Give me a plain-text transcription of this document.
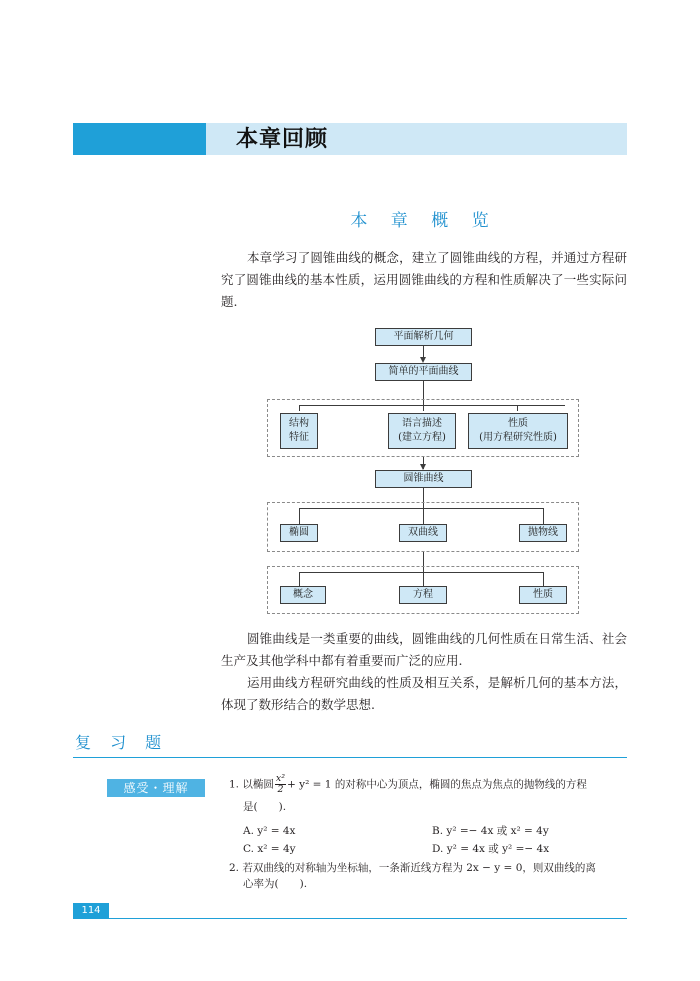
本章回顾
本 章 概 览
本章学习了圆锥曲线的概念，建立了圆锥曲线的方程，并通过方程研究了圆锥曲线的基本性质，运用圆锥曲线的方程和性质解决了一些实际问题.
平面解析几何
简单的平面曲线
结构
特征
语言描述
(建立方程)
性质
(用方程研究性质)
圆锥曲线
椭圆	双曲线	抛物线
概念	方程	性质

圆锥曲线是一类重要的曲线，圆锥曲线的几何性质在日常生活、社会生产及其他学科中都有着重要而广泛的应用.

运用曲线方程研究曲线的性质及相互关系，是解析几何的基本方法，体现了数形结合的数学思想.

复 习 题
感受・理解	1. 以椭圆 $\frac{\text{x²}}{2} + y^2 = 1$ 的对称中心为顶点，椭圆的焦点为焦点的抛物线的方程
是(　　).
A. y² = 4x	B. y² =− 4x 或 x² = 4y
C. x² = 4y	D. y² = 4x 或 y² =− 4x
2. 若双曲线的对称轴为坐标轴，一条渐近线方程为 2x − y = 0，则双曲线的离
心率为(　　).
114
